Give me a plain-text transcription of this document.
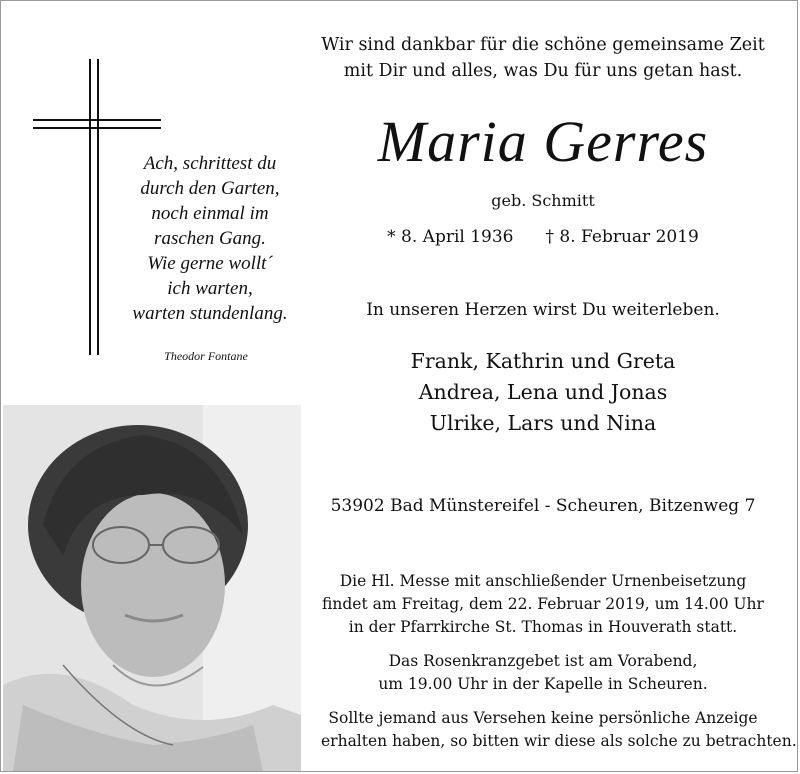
Ach, schrittest du
durch den Garten,
noch einmal im
raschen Gang.
Wie gerne wollt´
ich warten,
warten stundenlang.
Theodor Fontane
Wir sind dankbar für die schöne gemeinsame Zeit
mit Dir und alles, was Du für uns getan hast.
Maria Gerres
geb. Schmitt
* 8. April 1936 † 8. Februar 2019
In unseren Herzen wirst Du weiterleben.
Frank, Kathrin und Greta
Andrea, Lena und Jonas
Ulrike, Lars und Nina
53902 Bad Münstereifel - Scheuren, Bitzenweg 7
Die Hl. Messe mit anschließender Urnenbeisetzung
findet am Freitag, dem 22. Februar 2019, um 14.00 Uhr
in der Pfarrkirche St. Thomas in Houverath statt.
Das Rosenkranzgebet ist am Vorabend,
um 19.00 Uhr in der Kapelle in Scheuren.
Sollte jemand aus Versehen keine persönliche Anzeige
erhalten haben, so bitten wir diese als solche zu betrachten.
